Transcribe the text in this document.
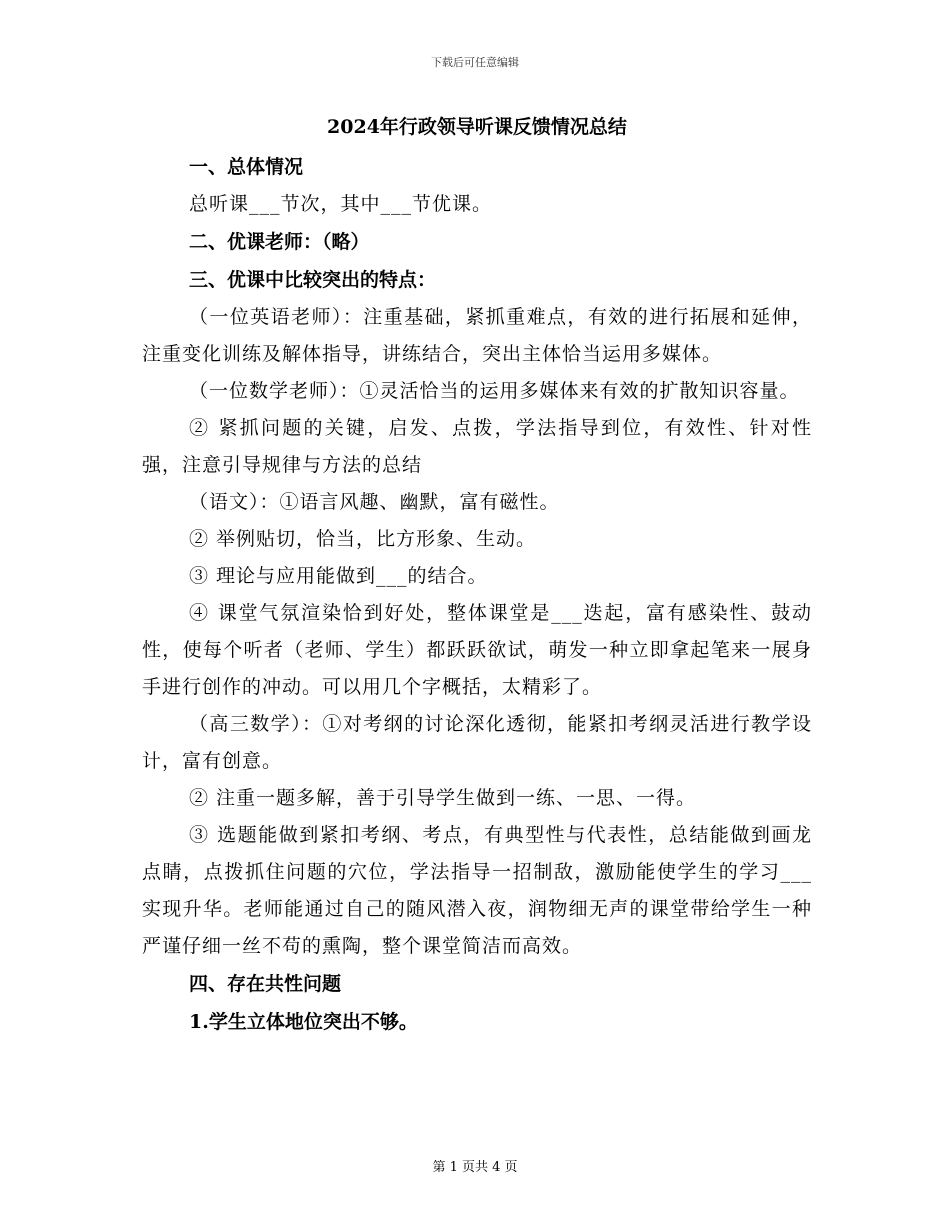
下载后可任意编辑
2024年行政领导听课反馈情况总结

一、总体情况

总听课___节次，其中___节优课。

二、优课老师：（略）

三、优课中比较突出的特点：

（一位英语老师）：注重基础，紧抓重难点，有效的进行拓展和延伸，注重变化训练及解体指导，讲练结合，突出主体恰当运用多媒体。

（一位数学老师）：①灵活恰当的运用多媒体来有效的扩散知识容量。

② 紧抓问题的关键，启发、点拨，学法指导到位，有效性、针对性强，注意引导规律与方法的总结

（语文）：①语言风趣、幽默，富有磁性。

② 举例贴切，恰当，比方形象、生动。

③ 理论与应用能做到___的结合。

④ 课堂气氛渲染恰到好处，整体课堂是___迭起，富有感染性、鼓动性，使每个听者（老师、学生）都跃跃欲试，萌发一种立即拿起笔来一展身手进行创作的冲动。可以用几个字概括，太精彩了。

（高三数学）：①对考纲的讨论深化透彻，能紧扣考纲灵活进行教学设计，富有创意。

② 注重一题多解，善于引导学生做到一练、一思、一得。

③ 选题能做到紧扣考纲、考点，有典型性与代表性，总结能做到画龙点睛，点拨抓住问题的穴位，学法指导一招制敌，激励能使学生的学习___实现升华。老师能通过自己的随风潜入夜，润物细无声的课堂带给学生一种严谨仔细一丝不苟的熏陶，整个课堂简洁而高效。

四、存在共性问题

1.学生立体地位突出不够。

第 1 页共 4 页
